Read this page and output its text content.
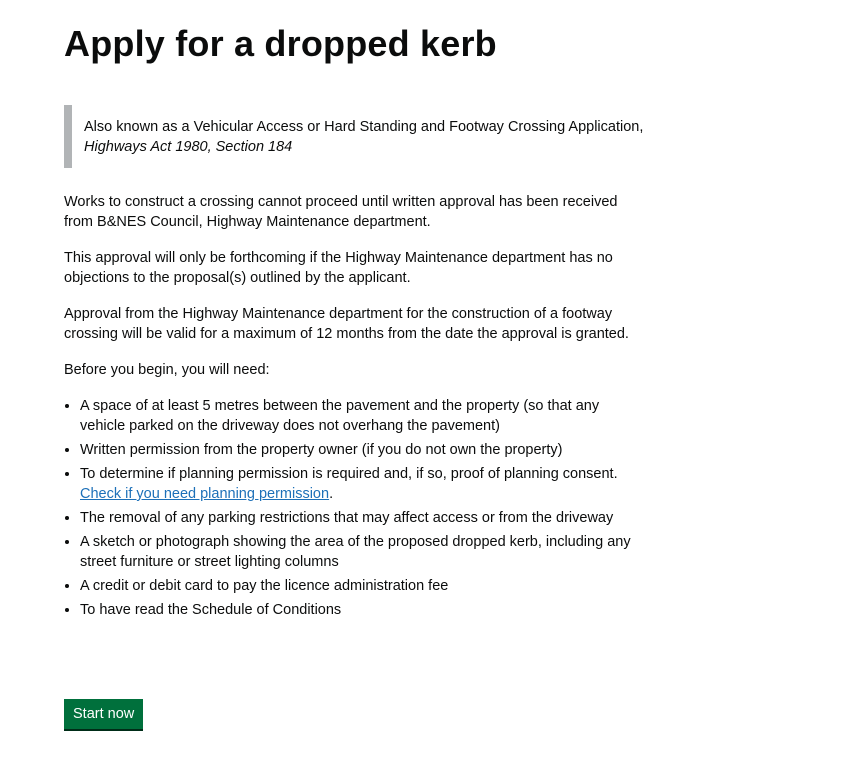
Apply for a dropped kerb
Also known as a Vehicular Access or Hard Standing and Footway Crossing Application, Highways Act 1980, Section 184

Works to construct a crossing cannot proceed until written approval has been received from B&NES Council, Highway Maintenance department.

This approval will only be forthcoming if the Highway Maintenance department has no objections to the proposal(s) outlined by the applicant.

Approval from the Highway Maintenance department for the construction of a footway crossing will be valid for a maximum of 12 months from the date the approval is granted.

Before you begin, you will need:

• A space of at least 5 metres between the pavement and the property (so that any vehicle parked on the driveway does not overhang the pavement)
• Written permission from the property owner (if you do not own the property)
• To determine if planning permission is required and, if so, proof of planning consent. Check if you need planning permission.
• The removal of any parking restrictions that may affect access or from the driveway
• A sketch or photograph showing the area of the proposed dropped kerb, including any street furniture or street lighting columns
• A credit or debit card to pay the licence administration fee
• To have read the Schedule of Conditions
Start now
